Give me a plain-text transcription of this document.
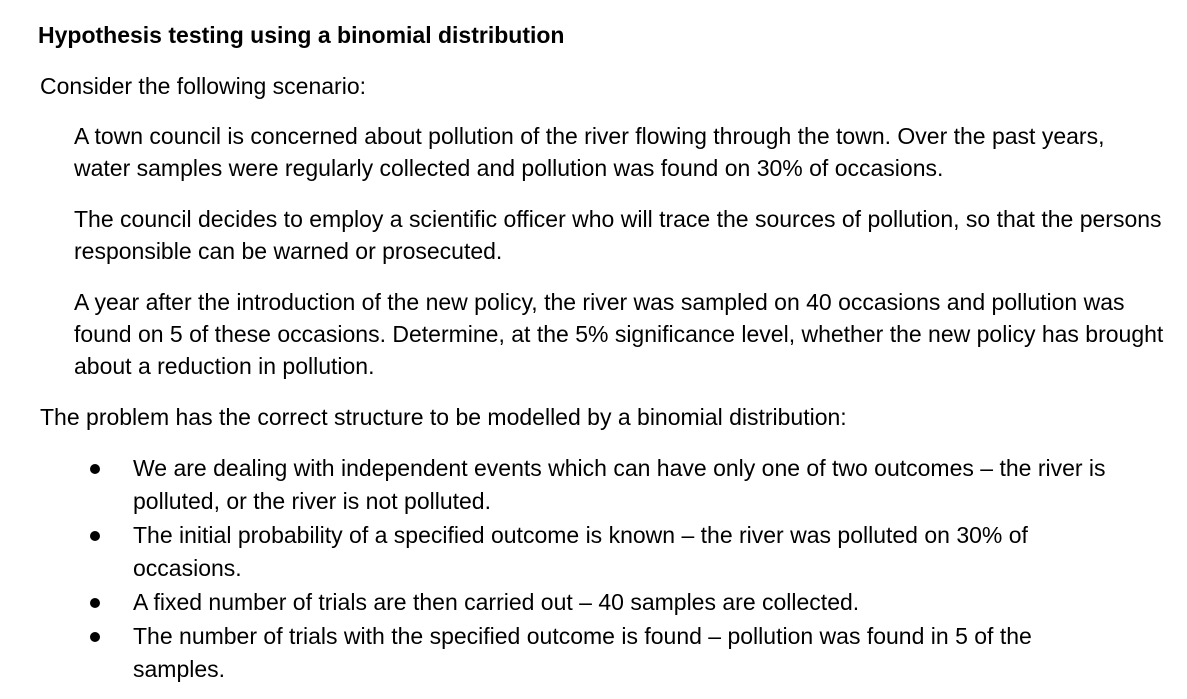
Hypothesis testing using a binomial distribution

Consider the following scenario:

A town council is concerned about pollution of the river flowing through the town. Over the past years, water samples were regularly collected and pollution was found on 30% of occasions.

The council decides to employ a scientific officer who will trace the sources of pollution, so that the persons responsible can be warned or prosecuted.

A year after the introduction of the new policy, the river was sampled on 40 occasions and pollution was found on 5 of these occasions. Determine, at the 5% significance level, whether the new policy has brought about a reduction in pollution.

The problem has the correct structure to be modelled by a binomial distribution:

We are dealing with independent events which can have only one of two outcomes – the river is polluted, or the river is not polluted.
The initial probability of a specified outcome is known – the river was polluted on 30% of occasions.
A fixed number of trials are then carried out – 40 samples are collected.
The number of trials with the specified outcome is found – pollution was found in 5 of the samples.
